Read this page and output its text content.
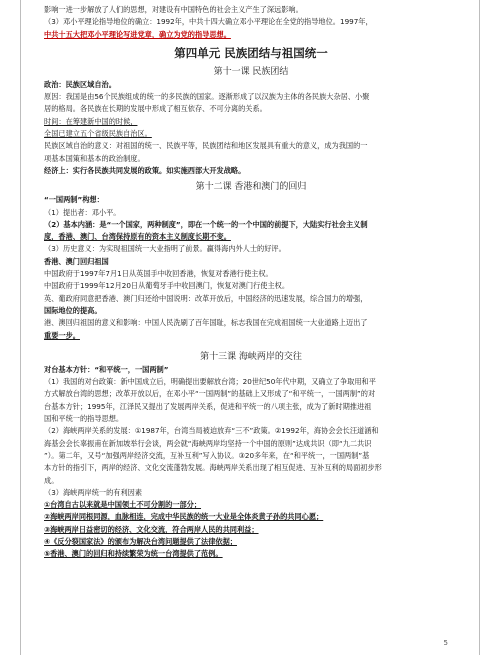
影响一进一步解放了人们的思想，对建设有中国特色的社会主义产生了深远影响。
（3）邓小平理论指导地位的确立：1992年，中共十四大确立邓小平理论在全党的指导地位。1997年，
中共十五大把邓小平理论写进党章，确立为党的指导思想。
第四单元 民族团结与祖国统一
第十一课 民族团结
政治：民族区域自治。
原因：我国是由56个民族组成的统一的多民族的国家。逐渐形成了以汉族为主体的各民族大杂居、小聚
居的格局。各民族在长期的发展中形成了相互依存、不可分离的关系。
时间：在筹建新中国的时候，
全国已建立五个省级民族自治区。
民族区域自治的意义：对祖国的统一、民族平等，民族团结和地区发展具有重大的意义，成为我国的一
项基本国策和基本的政治制度。
经济上：实行各民族共同发展的政策。如实施西部大开发战略。
第十二课 香港和澳门的回归
“一国两制”构想：
（1）提出者：邓小平。
（2）基本内涵：是“一个国家，两种制度”，即在一个统一的一个中国的前提下，大陆实行社会主义制
度，香港、澳门、台湾保持原有的资本主义制度长期不变。
（3）历史意义：为实现祖国统一大业指明了前景。赢得海内外人士的好评。
香港、澳门回归祖国
中国政府于1997年7月1日从英国手中收回香港，恢复对香港行使主权。
中国政府于1999年12月20日从葡萄牙手中收回澳门，恢复对澳门行使主权。
英、葡政府同意把香港、澳门归还给中国说明：改革开放后，中国经济的迅速发展，综合国力的增强，
国际地位的提高。
港、澳回归祖国的意义和影响：中国人民洗刷了百年国耻，标志我国在完成祖国统一大业道路上迈出了
重要一步。
第十三课 海峡两岸的交往
对台基本方针：“和平统一，一国两制”
（1）我国的对台政策：新中国成立后，明确提出要解放台湾；20世纪50年代中期，又确立了争取用和平
方式解放台湾的思想；改革开放以后，在邓小平“一国两制”的基础上又形成了“和平统一，一国两制”的对
台基本方针；1995年，江泽民又提出了发展两岸关系，促进和平统一的八项主张，成为了新时期推进祖
国和平统一的指导思想。
（2）海峡两岸关系的发展：①1987年，台湾当局被迫放弃“三不”政策。②1992年，海协会会长汪道涵和
海基会会长辜振甫在新加坡举行会谈，两会就“海峡两岸均坚持一个中国的原则”达成共识（即“九二共识
”）。第二年，又号“加强两岸经济交流，互补互利”写入协议。③20多年来，在“和平统一，一国两制”基
本方针的指引下，两岸的经济、文化交流蓬勃发展。海峡两岸关系出现了相互促进、互补互利的局面初步形
成。
（3）海峡两岸统一的有利因素
①台湾自古以来就是中国领土不可分割的一部分；
②海峡两岸同根同源，血脉相连，完成中华民族的统一大业是全体炎黄子孙的共同心愿；
③海峡两岸日益密切的经济、文化交流，符合两岸人民的共同利益；
④《反分裂国家法》的颁布为解决台湾问题提供了法律依据；
⑤香港、澳门的回归和持续繁荣为统一台湾提供了范例。
5
